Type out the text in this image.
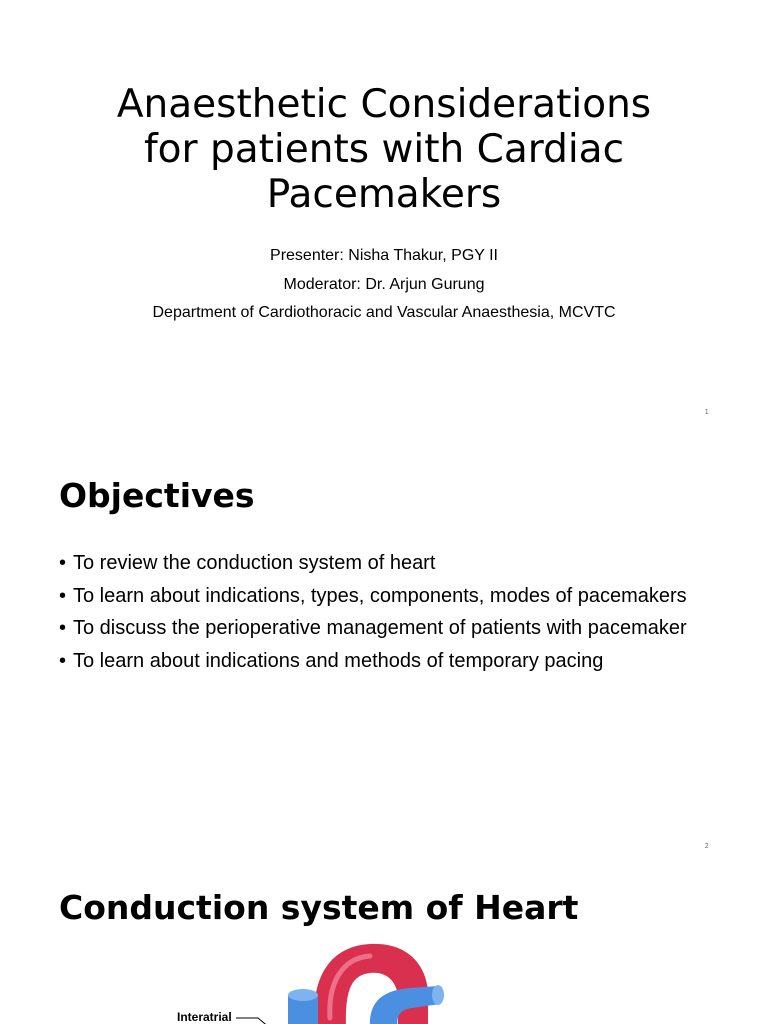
Anaesthetic Considerations for patients with Cardiac Pacemakers
Presenter: Nisha Thakur, PGY II
Moderator: Dr. Arjun Gurung
Department of Cardiothoracic and Vascular Anaesthesia, MCVTC
1
Objectives
• To review the conduction system of heart
• To learn about indications, types, components, modes of pacemakers
• To discuss the perioperative management of patients with pacemaker
• To learn about indications and methods of temporary pacing
2
Conduction system of Heart
Interatrial
